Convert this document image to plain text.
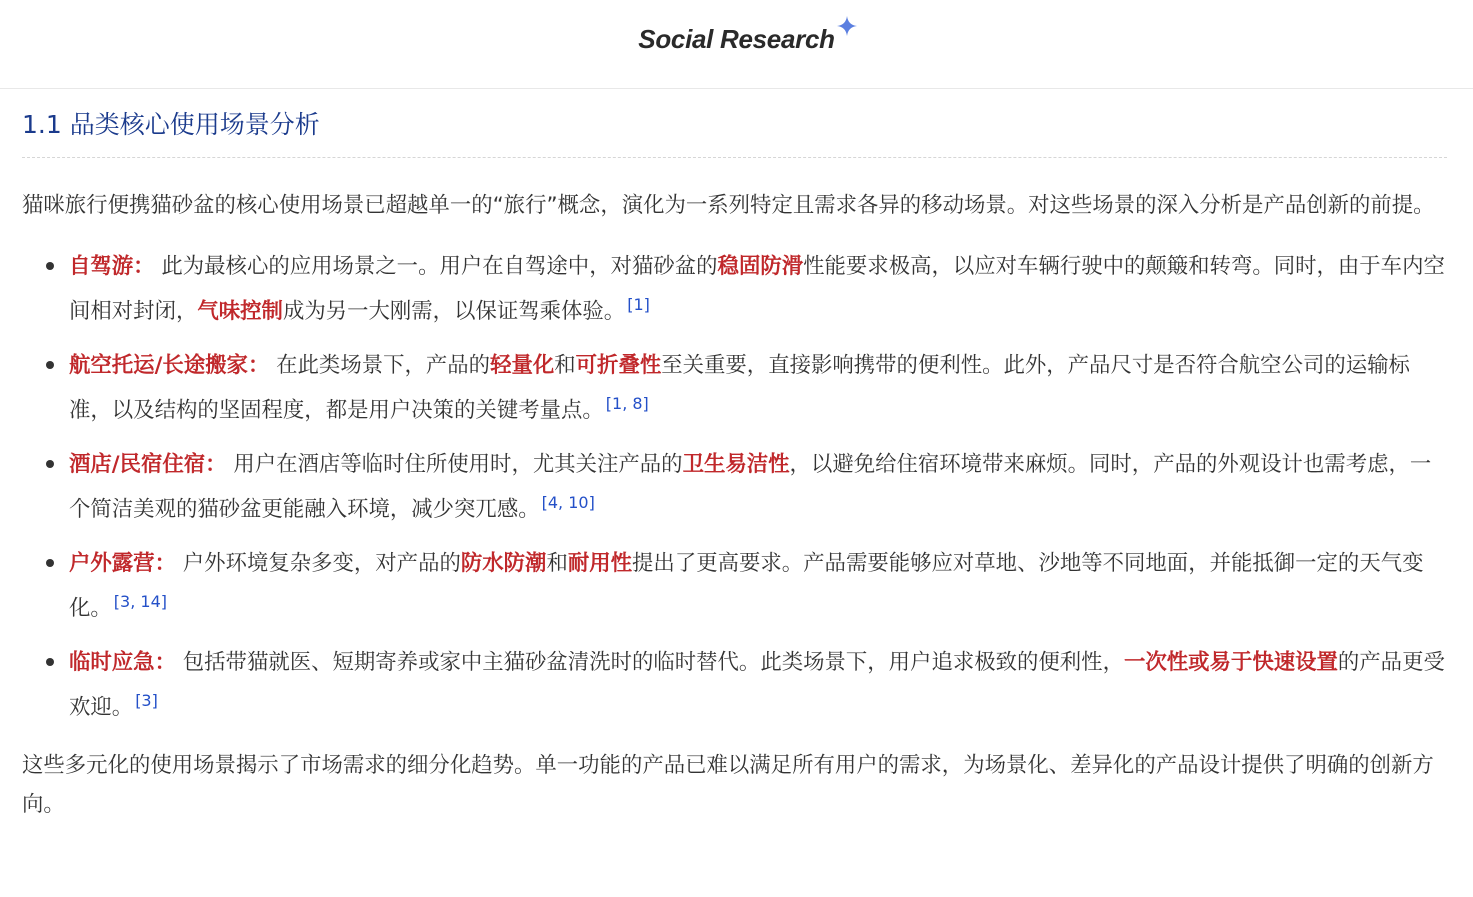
Social Research
1.1 品类核心使用场景分析

猫咪旅行便携猫砂盆的核心使用场景已超越单一的“旅行”概念，演化为一系列特定且需求各异的移动场景。对这些场景的深入分析是产品创新的前提。

自驾游： 此为最核心的应用场景之一。用户在自驾途中，对猫砂盆的稳固防滑性能要求极高，以应对车辆行驶中的颠簸和转弯。同时，由于车内空间相对封闭，气味控制成为另一大刚需，以保证驾乘体验。 [1]
航空托运/长途搬家： 在此类场景下，产品的轻量化和可折叠性至关重要，直接影响携带的便利性。此外，产品尺寸是否符合航空公司的运输标准，以及结构的坚固程度，都是用户决策的关键考量点。 [1, 8]
酒店/民宿住宿： 用户在酒店等临时住所使用时，尤其关注产品的卫生易洁性，以避免给住宿环境带来麻烦。同时，产品的外观设计也需考虑，一个简洁美观的猫砂盆更能融入环境，减少突兀感。 [4, 10]
户外露营： 户外环境复杂多变，对产品的防水防潮和耐用性提出了更高要求。产品需要能够应对草地、沙地等不同地面，并能抵御一定的天气变化。 [3, 14]
临时应急： 包括带猫就医、短期寄养或家中主猫砂盆清洗时的临时替代。此类场景下，用户追求极致的便利性，一次性或易于快速设置的产品更受欢迎。 [3]

这些多元化的使用场景揭示了市场需求的细分化趋势。单一功能的产品已难以满足所有用户的需求，为场景化、差异化的产品设计提供了明确的创新方向。
